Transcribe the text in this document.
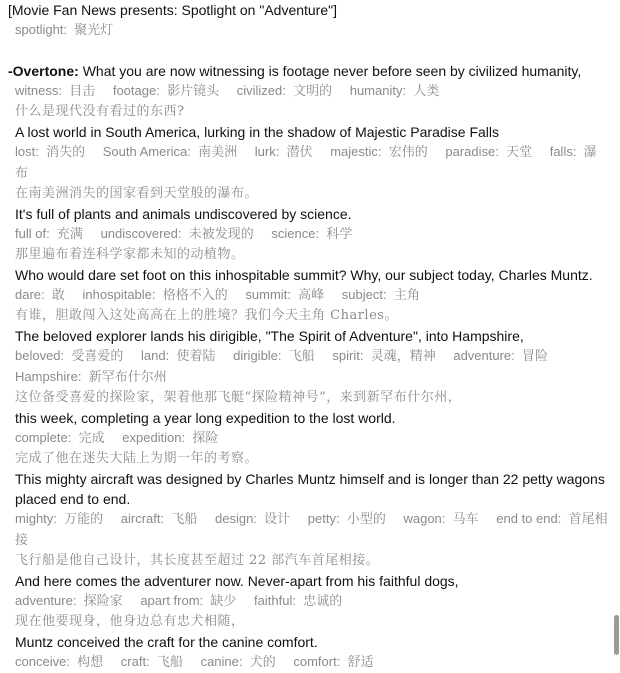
[Movie Fan News presents: Spotlight on "Adventure"]
spotlight: 聚光灯
-Overtone: What you are now witnessing is footage never before seen by civilized humanity,
witness: 目击 footage: 影片镜头 civilized: 文明的 humanity: 人类
什么是现代没有看过的东西?
A lost world in South America, lurking in the shadow of Majestic Paradise Falls
lost: 消失的 South America: 南美洲 lurk: 潜伏 majestic: 宏伟的 paradise: 天堂 falls: 瀑布
在南美洲消失的国家看到天堂般的瀑布。
It's full of plants and animals undiscovered by science.
full of: 充满 undiscovered: 未被发现的 science: 科学
那里遍布着连科学家都未知的动植物。
Who would dare set foot on this inhospitable summit? Why, our subject today, Charles Muntz.
dare: 敢 inhospitable: 格格不入的 summit: 高峰 subject: 主角
有谁，胆敢闯入这处高高在上的胜境？我们今天主角 Charles。
The beloved explorer lands his dirigible, "The Spirit of Adventure", into Hampshire,
beloved: 受喜爱的 land: 使着陆 dirigible: 飞船 spirit: 灵魂，精神 adventure: 冒险 Hampshire: 新罕布什尔州
这位备受喜爱的探险家，架着他那飞艇“探险精神号”，来到新罕布什尔州，
this week, completing a year long expedition to the lost world.
complete: 完成 expedition: 探险
完成了他在迷失大陆上为期一年的考察。
This mighty aircraft was designed by Charles Muntz himself and is longer than 22 petty wagons placed end to end.
mighty: 万能的 aircraft: 飞船 design: 设计 petty: 小型的 wagon: 马车 end to end: 首尾相接
飞行船是他自己设计，其长度甚至超过 22 部汽车首尾相接。
And here comes the adventurer now. Never-apart from his faithful dogs,
adventure: 探险家 apart from: 缺少 faithful: 忠诚的
现在他要现身，他身边总有忠犬相随，
Muntz conceived the craft for the canine comfort.
conceive: 构想 craft: 飞船 canine: 犬的 comfort: 舒适
